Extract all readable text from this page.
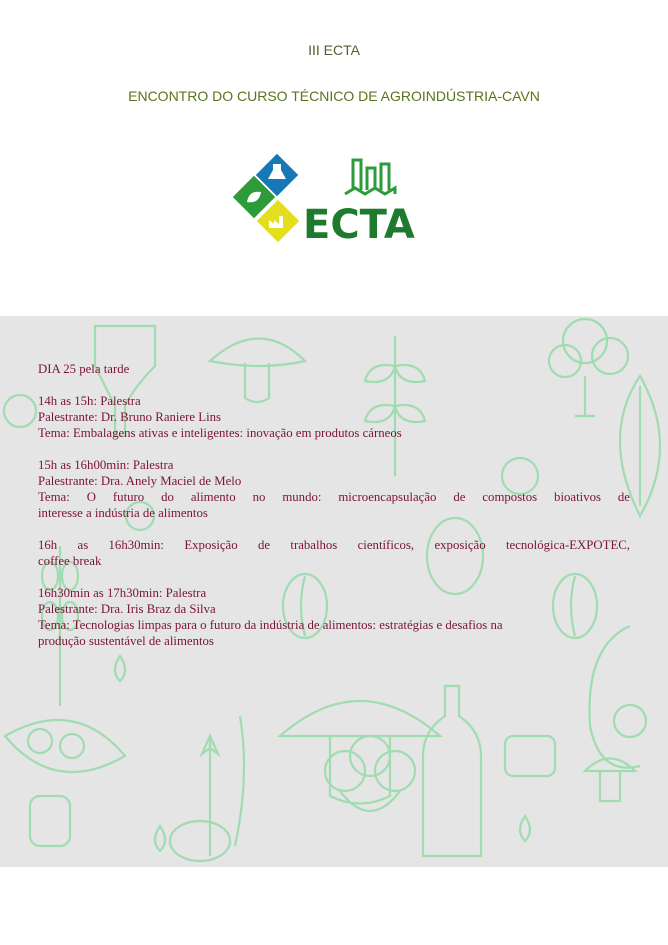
III ECTA
ENCONTRO DO CURSO TÉCNICO DE AGROINDÚSTRIA-CAVN
ECTA

DIA 25 pela tarde

14h as 15h: Palestra

Palestrante: Dr. Bruno Raniere Lins

Tema: Embalagens ativas e inteligentes: inovação em produtos cárneos

15h as 16h00min: Palestra

Palestrante: Dra. Anely Maciel de Melo

Tema: O futuro do alimento no mundo: microencapsulação de compostos bioativos de

interesse a indústria de alimentos

16h as 16h30min: Exposição de trabalhos científicos, exposição tecnológica-EXPOTEC,

coffee break

16h30min as 17h30min: Palestra

Palestrante: Dra. Iris Braz da Silva

Tema: Tecnologias limpas para o futuro da indústria de alimentos: estratégias e desafios na

produção sustentável de alimentos
